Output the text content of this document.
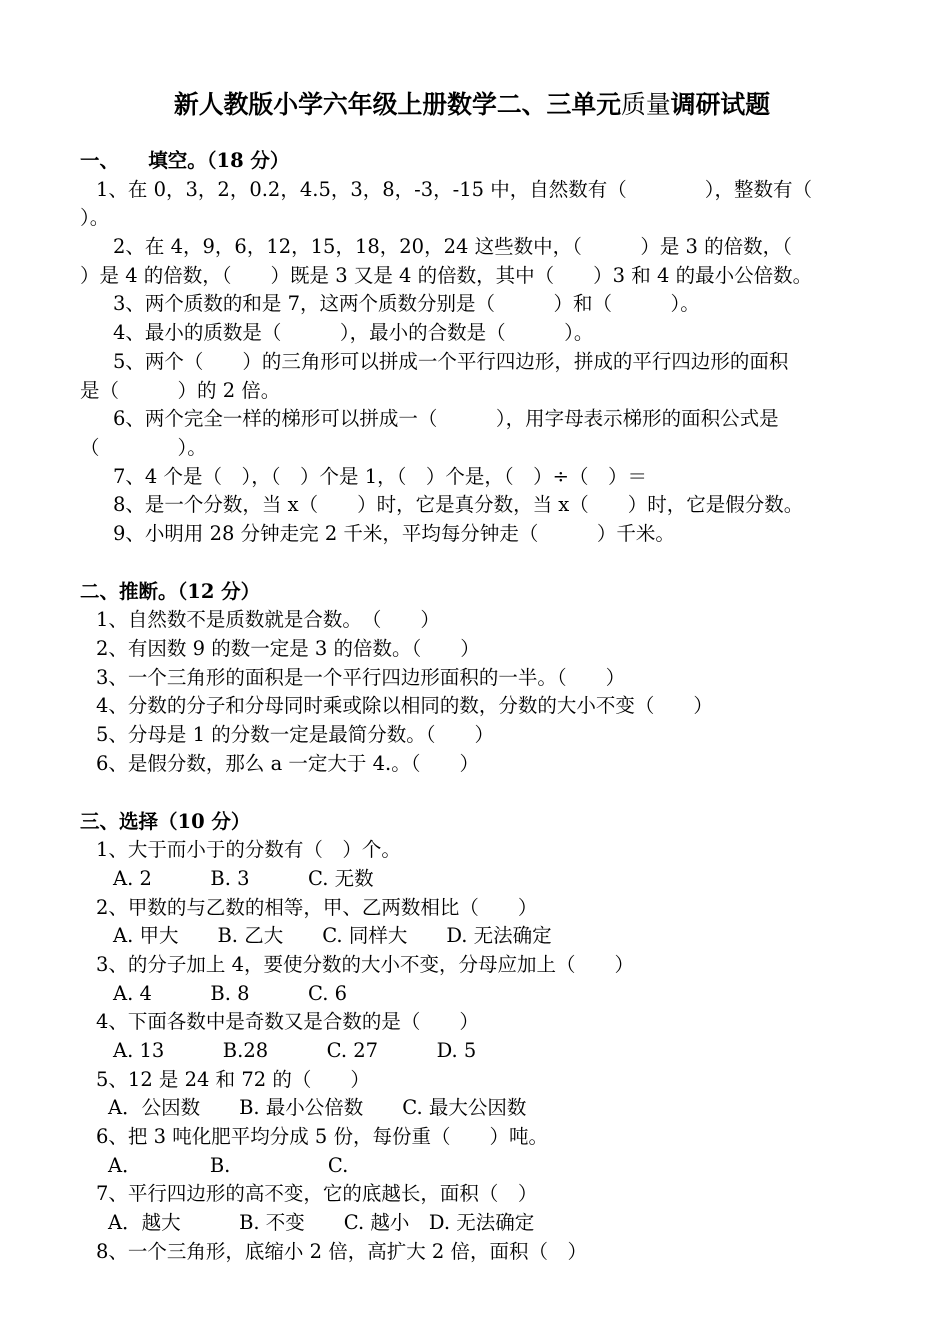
新人教版小学六年级上册数学二、三单元质量调研试题
一、　　填空。（18 分）
1、在 0，3，2，0.2，4.5，3，8，-3，-15 中，自然数有（　　　　），整数有（
）。
2、在 4，9，6，12，15，18，20，24 这些数中，（　　　）是 3 的倍数，（
）是 4 的倍数，（　　）既是 3 又是 4 的倍数，其中（　　）3 和 4 的最小公倍数。
3、两个质数的和是 7，这两个质数分别是（　　　）和（　　　）。
4、最小的质数是（　　　），最小的合数是（　　　）。
5、两个（　　）的三角形可以拼成一个平行四边形，拼成的平行四边形的面积
是（　　　）的 2 倍。
6、两个完全一样的梯形可以拼成一（　　　），用字母表示梯形的面积公式是
（　　　　）。
7、4 个是（　），（　）个是 1，（　）个是，（　）÷（　）＝
8、是一个分数，当 x（　　）时，它是真分数，当 x（　　）时，它是假分数。
9、小明用 28 分钟走完 2 千米，平均每分钟走（　　　）千米。
二、推断。（12 分）
1、自然数不是质数就是合数。　（　　）
2、有因数 9 的数一定是 3 的倍数。（　　）
3、一个三角形的面积是一个平行四边形面积的一半。（　　）
4、分数的分子和分母同时乘或除以相同的数，分数的大小不变（　　）
5、分母是 1 的分数一定是最简分数。（　　）
6、是假分数，那么 a 一定大于 4.。（　　）
三、选择（10 分）
1、大于而小于的分数有（　）个。
A. 2　　　B. 3　　　C. 无数
2、甲数的与乙数的相等，甲、乙两数相比（　　）
A. 甲大　　B. 乙大　　C. 同样大　　D. 无法确定
3、的分子加上 4，要使分数的大小不变，分母应加上（　　）
A. 4　　　B. 8　　　C. 6
4、下面各数中是奇数又是合数的是（　　）
A. 13　　　B.28　　　C. 27　　　D. 5
5、12 是 24 和 72 的（　　）
A．公因数　　B. 最小公倍数　　C. 最大公因数
6、把 3 吨化肥平均分成 5 份，每份重（　　）吨。
A．　　　　B.　　　　　C.
7、平行四边形的高不变，它的底越长，面积（　）
A．越大　　　B. 不变　　C. 越小　D. 无法确定
8、一个三角形，底缩小 2 倍，高扩大 2 倍，面积（　）
